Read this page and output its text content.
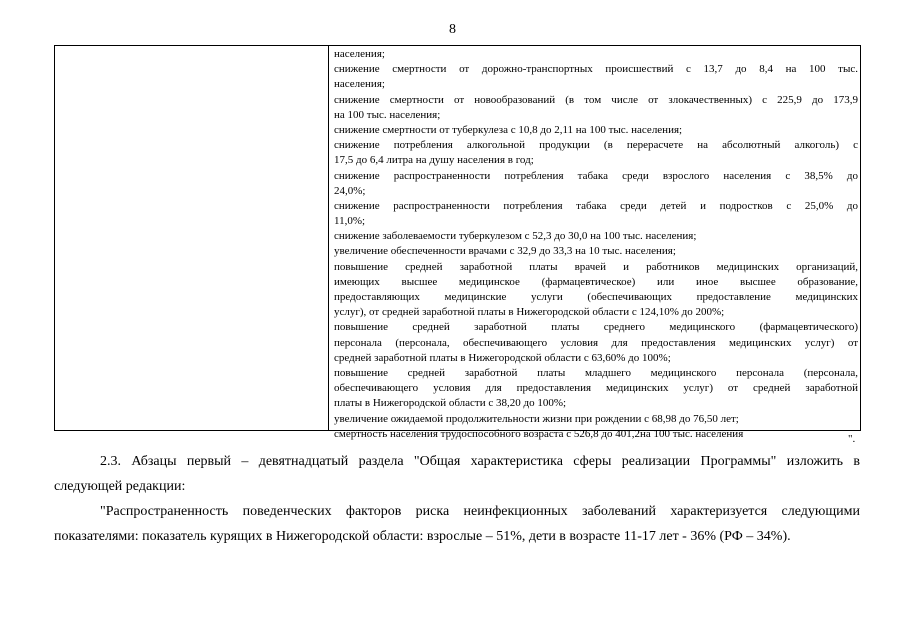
8
населения;
снижение смертности от дорожно-транспортных происшествий с 13,7 до 8,4 на 100 тыс.
населения;
снижение смертности от новообразований (в том числе от злокачественных) с 225,9 до 173,9
на 100 тыс. населения;
снижение смертности от туберкулеза с 10,8 до 2,11 на 100 тыс. населения;
снижение потребления алкогольной продукции (в перерасчете на абсолютный алкоголь) с
17,5 до 6,4 литра на душу населения в год;
снижение распространенности потребления табака среди взрослого населения с 38,5% до
24,0%;
снижение распространенности потребления табака среди детей и подростков с 25,0% до
11,0%;
снижение заболеваемости туберкулезом с 52,3 до 30,0 на 100 тыс. населения;
увеличение обеспеченности врачами с 32,9 до 33,3 на 10 тыс. населения;
повышение средней заработной платы врачей и работников медицинских организаций,
имеющих высшее медицинское (фармацевтическое) или иное высшее образование,
предоставляющих медицинские услуги (обеспечивающих предоставление медицинских
услуг), от средней заработной платы в Нижегородской области с 124,10% до 200%;
повышение средней заработной платы среднего медицинского (фармацевтического)
персонала (персонала, обеспечивающего условия для предоставления медицинских услуг) от
средней заработной платы в Нижегородской области с 63,60% до 100%;
повышение средней заработной платы младшего медицинского персонала (персонала,
обеспечивающего условия для предоставления медицинских услуг) от средней заработной
платы в Нижегородской области с 38,20 до 100%;
увеличение ожидаемой продолжительности жизни при рождении с 68,98 до 76,50 лет;
смертность населения трудоспособного возраста с 526,8 до 401,2на 100 тыс. населения	".
2.3. Абзацы первый – девятнадцатый раздела "Общая характеристика сферы реализации Программы" изложить в
следующей редакции:
"Распространенность поведенческих факторов риска неинфекционных заболеваний характеризуется следующими
показателями: показатель курящих в Нижегородской области: взрослые – 51%, дети в возрасте 11-17 лет - 36% (РФ – 34%).
